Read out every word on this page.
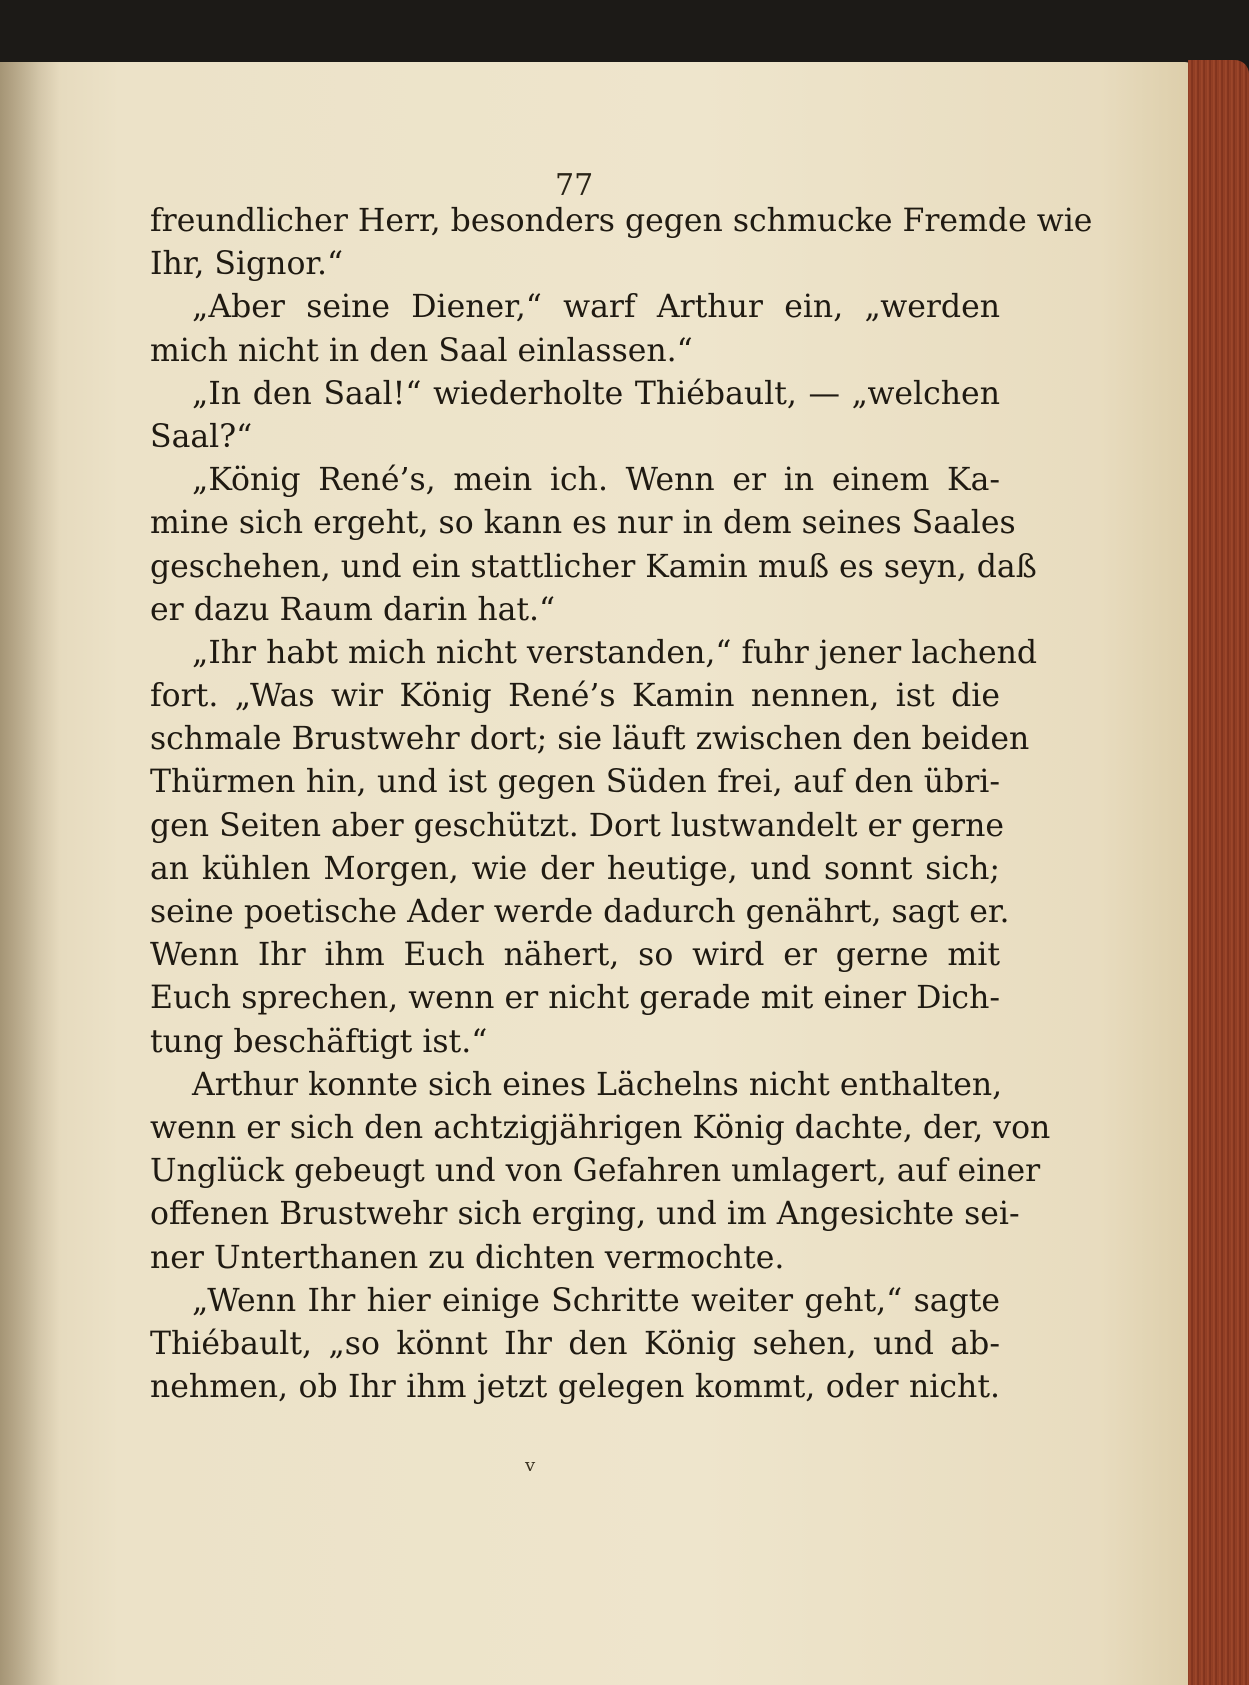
77
freundlicher Herr, besonders gegen schmucke Fremde wie
Ihr, Signor.“
„Aber seine Diener,“ warf Arthur ein, „werden
mich nicht in den Saal einlassen.“
„In den Saal!“ wiederholte Thiébault, — „welchen
Saal?“
„König René’s, mein ich. Wenn er in einem Ka-
mine sich ergeht, so kann es nur in dem seines Saales
geschehen, und ein stattlicher Kamin muß es seyn, daß
er dazu Raum darin hat.“
„Ihr habt mich nicht verstanden,“ fuhr jener lachend
fort. „Was wir König René’s Kamin nennen, ist die
schmale Brustwehr dort; sie läuft zwischen den beiden
Thürmen hin, und ist gegen Süden frei, auf den übri-
gen Seiten aber geschützt. Dort lustwandelt er gerne
an kühlen Morgen, wie der heutige, und sonnt sich;
seine poetische Ader werde dadurch genährt, sagt er.
Wenn Ihr ihm Euch nähert, so wird er gerne mit
Euch sprechen, wenn er nicht gerade mit einer Dich-
tung beschäftigt ist.“
Arthur konnte sich eines Lächelns nicht enthalten,
wenn er sich den achtzigjährigen König dachte, der, von
Unglück gebeugt und von Gefahren umlagert, auf einer
offenen Brustwehr sich erging, und im Angesichte sei-
ner Unterthanen zu dichten vermochte.
„Wenn Ihr hier einige Schritte weiter geht,“ sagte
Thiébault, „so könnt Ihr den König sehen, und ab-
nehmen, ob Ihr ihm jetzt gelegen kommt, oder nicht.
v
